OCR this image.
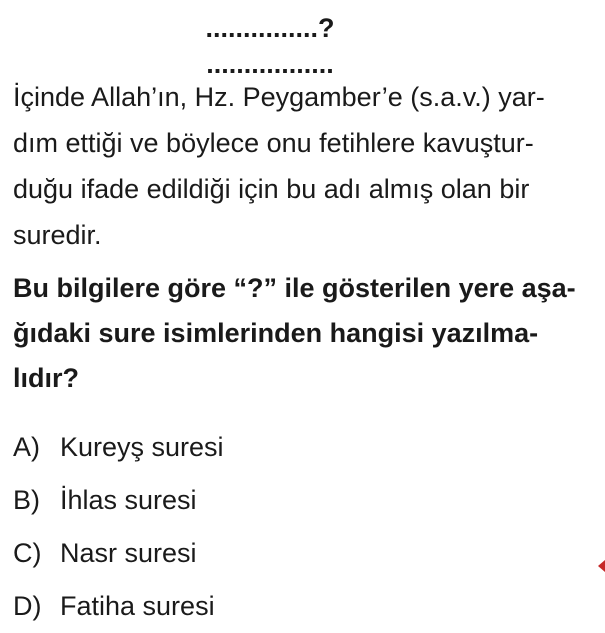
...............?.................

İçinde Allah’ın, Hz. Peygamber’e (s.a.v.) yar-
dım ettiği ve böylece onu fetihlere kavuştur-
duğu ifade edildiği için bu adı almış olan bir
suredir.

Bu bilgilere göre “?” ile gösterilen yere aşa-
ğıdaki sure isimlerinden hangisi yazılma-
lıdır?

A) Kureyş suresi
B) İhlas suresi
C) Nasr suresi
D) Fatiha suresi
